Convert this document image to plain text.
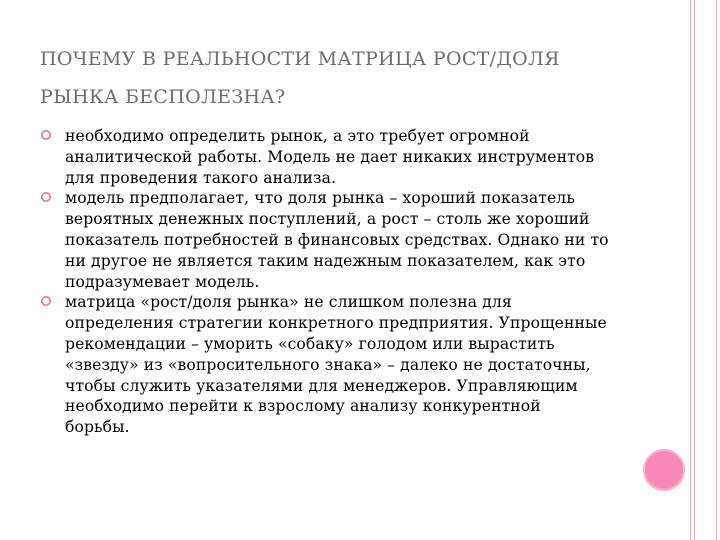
ПОЧЕМУ В РЕАЛЬНОСТИ МАТРИЦА РОСТ/ДОЛЯ
РЫНКА БЕСПОЛЕЗНА?
необходимо определить рынок, а это требует огромной аналитической работы. Модель не дает никаких инструментов для проведения такого анализа.
модель предполагает, что доля рынка – хороший показатель вероятных денежных поступлений, а рост – столь же хороший показатель потребностей в финансовых средствах. Однако ни то ни другое не является таким надежным показателем, как это подразумевает модель.
матрица «рост/доля рынка» не слишком полезна для определения стратегии конкретного предприятия. Упрощенные рекомендации – уморить «собаку» голодом или вырастить «звезду» из «вопросительного знака» – далеко не достаточны, чтобы служить указателями для менеджеров. Управляющим необходимо перейти к взрослому анализу конкурентной борьбы.
